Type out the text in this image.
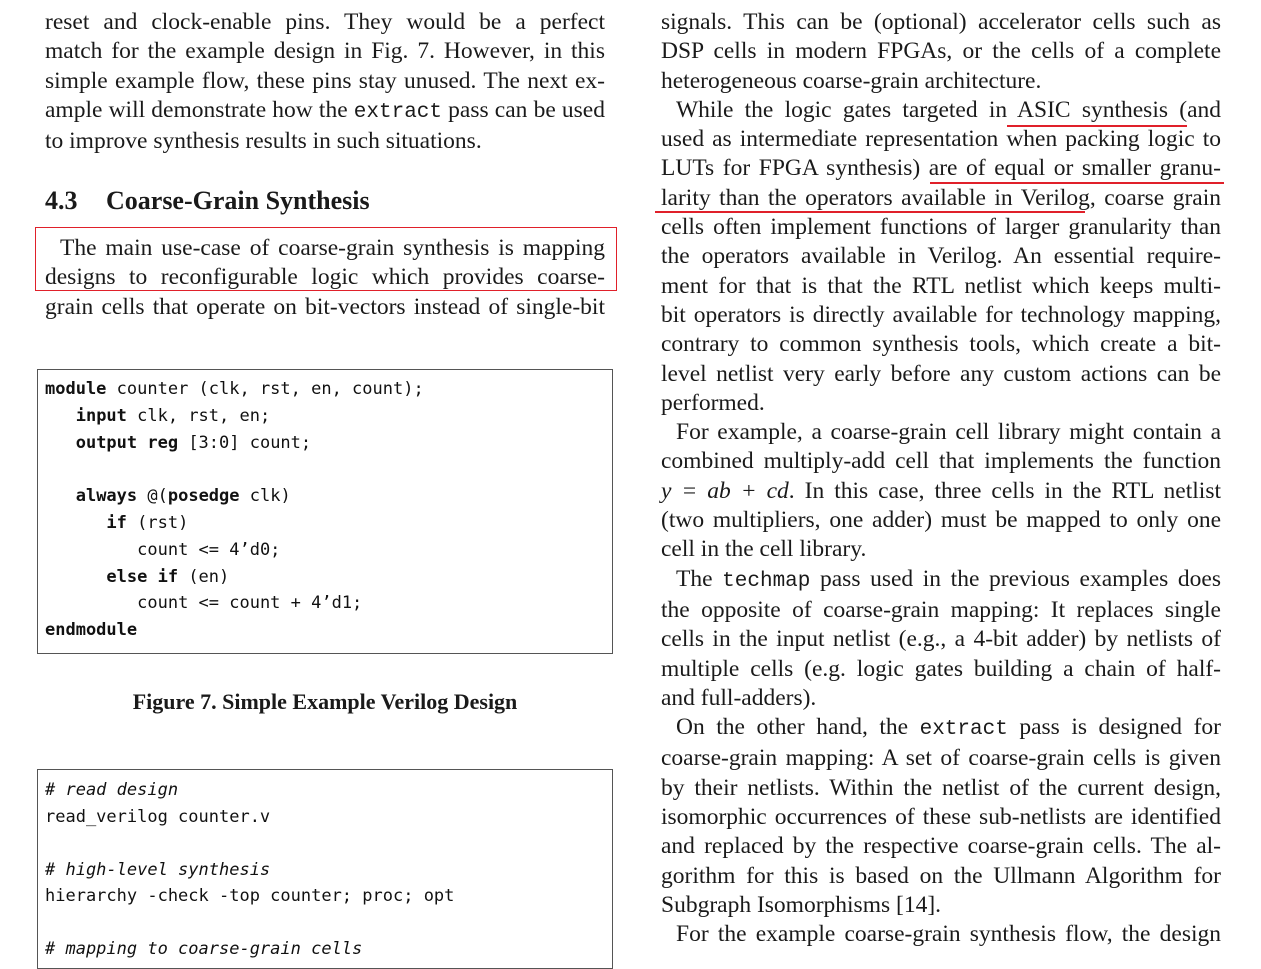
reset and clock-enable pins. They would be a perfect
match for the example design in Fig. 7. However, in this
simple example flow, these pins stay unused. The next ex-
ample will demonstrate how the extract pass can be used
to improve synthesis results in such situations.
4.3 Coarse-Grain Synthesis
The main use-case of coarse-grain synthesis is mapping
designs to reconfigurable logic which provides coarse-
grain cells that operate on bit-vectors instead of single-bit
module counter (clk, rst, en, count);
input clk, rst, en;
output reg [3:0] count;
always @(posedge clk)
if (rst)
count <= 4’d0;
else if (en)
count <= count + 4’d1;
endmodule
Figure 7. Simple Example Verilog Design
# read design
read_verilog counter.v
# high-level synthesis
hierarchy -check -top counter; proc; opt
# mapping to coarse-grain cells
signals. This can be (optional) accelerator cells such as
DSP cells in modern FPGAs, or the cells of a complete
heterogeneous coarse-grain architecture.
While the logic gates targeted in ASIC synthesis (and
used as intermediate representation when packing logic to
LUTs for FPGA synthesis) are of equal or smaller granu-
larity than the operators available in Verilog, coarse grain
cells often implement functions of larger granularity than
the operators available in Verilog. An essential require-
ment for that is that the RTL netlist which keeps multi-
bit operators is directly available for technology mapping,
contrary to common synthesis tools, which create a bit-
level netlist very early before any custom actions can be
performed.
For example, a coarse-grain cell library might contain a
combined multiply-add cell that implements the function
y = ab + cd. In this case, three cells in the RTL netlist
(two multipliers, one adder) must be mapped to only one
cell in the cell library.
The techmap pass used in the previous examples does
the opposite of coarse-grain mapping: It replaces single
cells in the input netlist (e.g., a 4-bit adder) by netlists of
multiple cells (e.g. logic gates building a chain of half-
and full-adders).
On the other hand, the extract pass is designed for
coarse-grain mapping: A set of coarse-grain cells is given
by their netlists. Within the netlist of the current design,
isomorphic occurrences of these sub-netlists are identified
and replaced by the respective coarse-grain cells. The al-
gorithm for this is based on the Ullmann Algorithm for
Subgraph Isomorphisms [14].
For the example coarse-grain synthesis flow, the design
